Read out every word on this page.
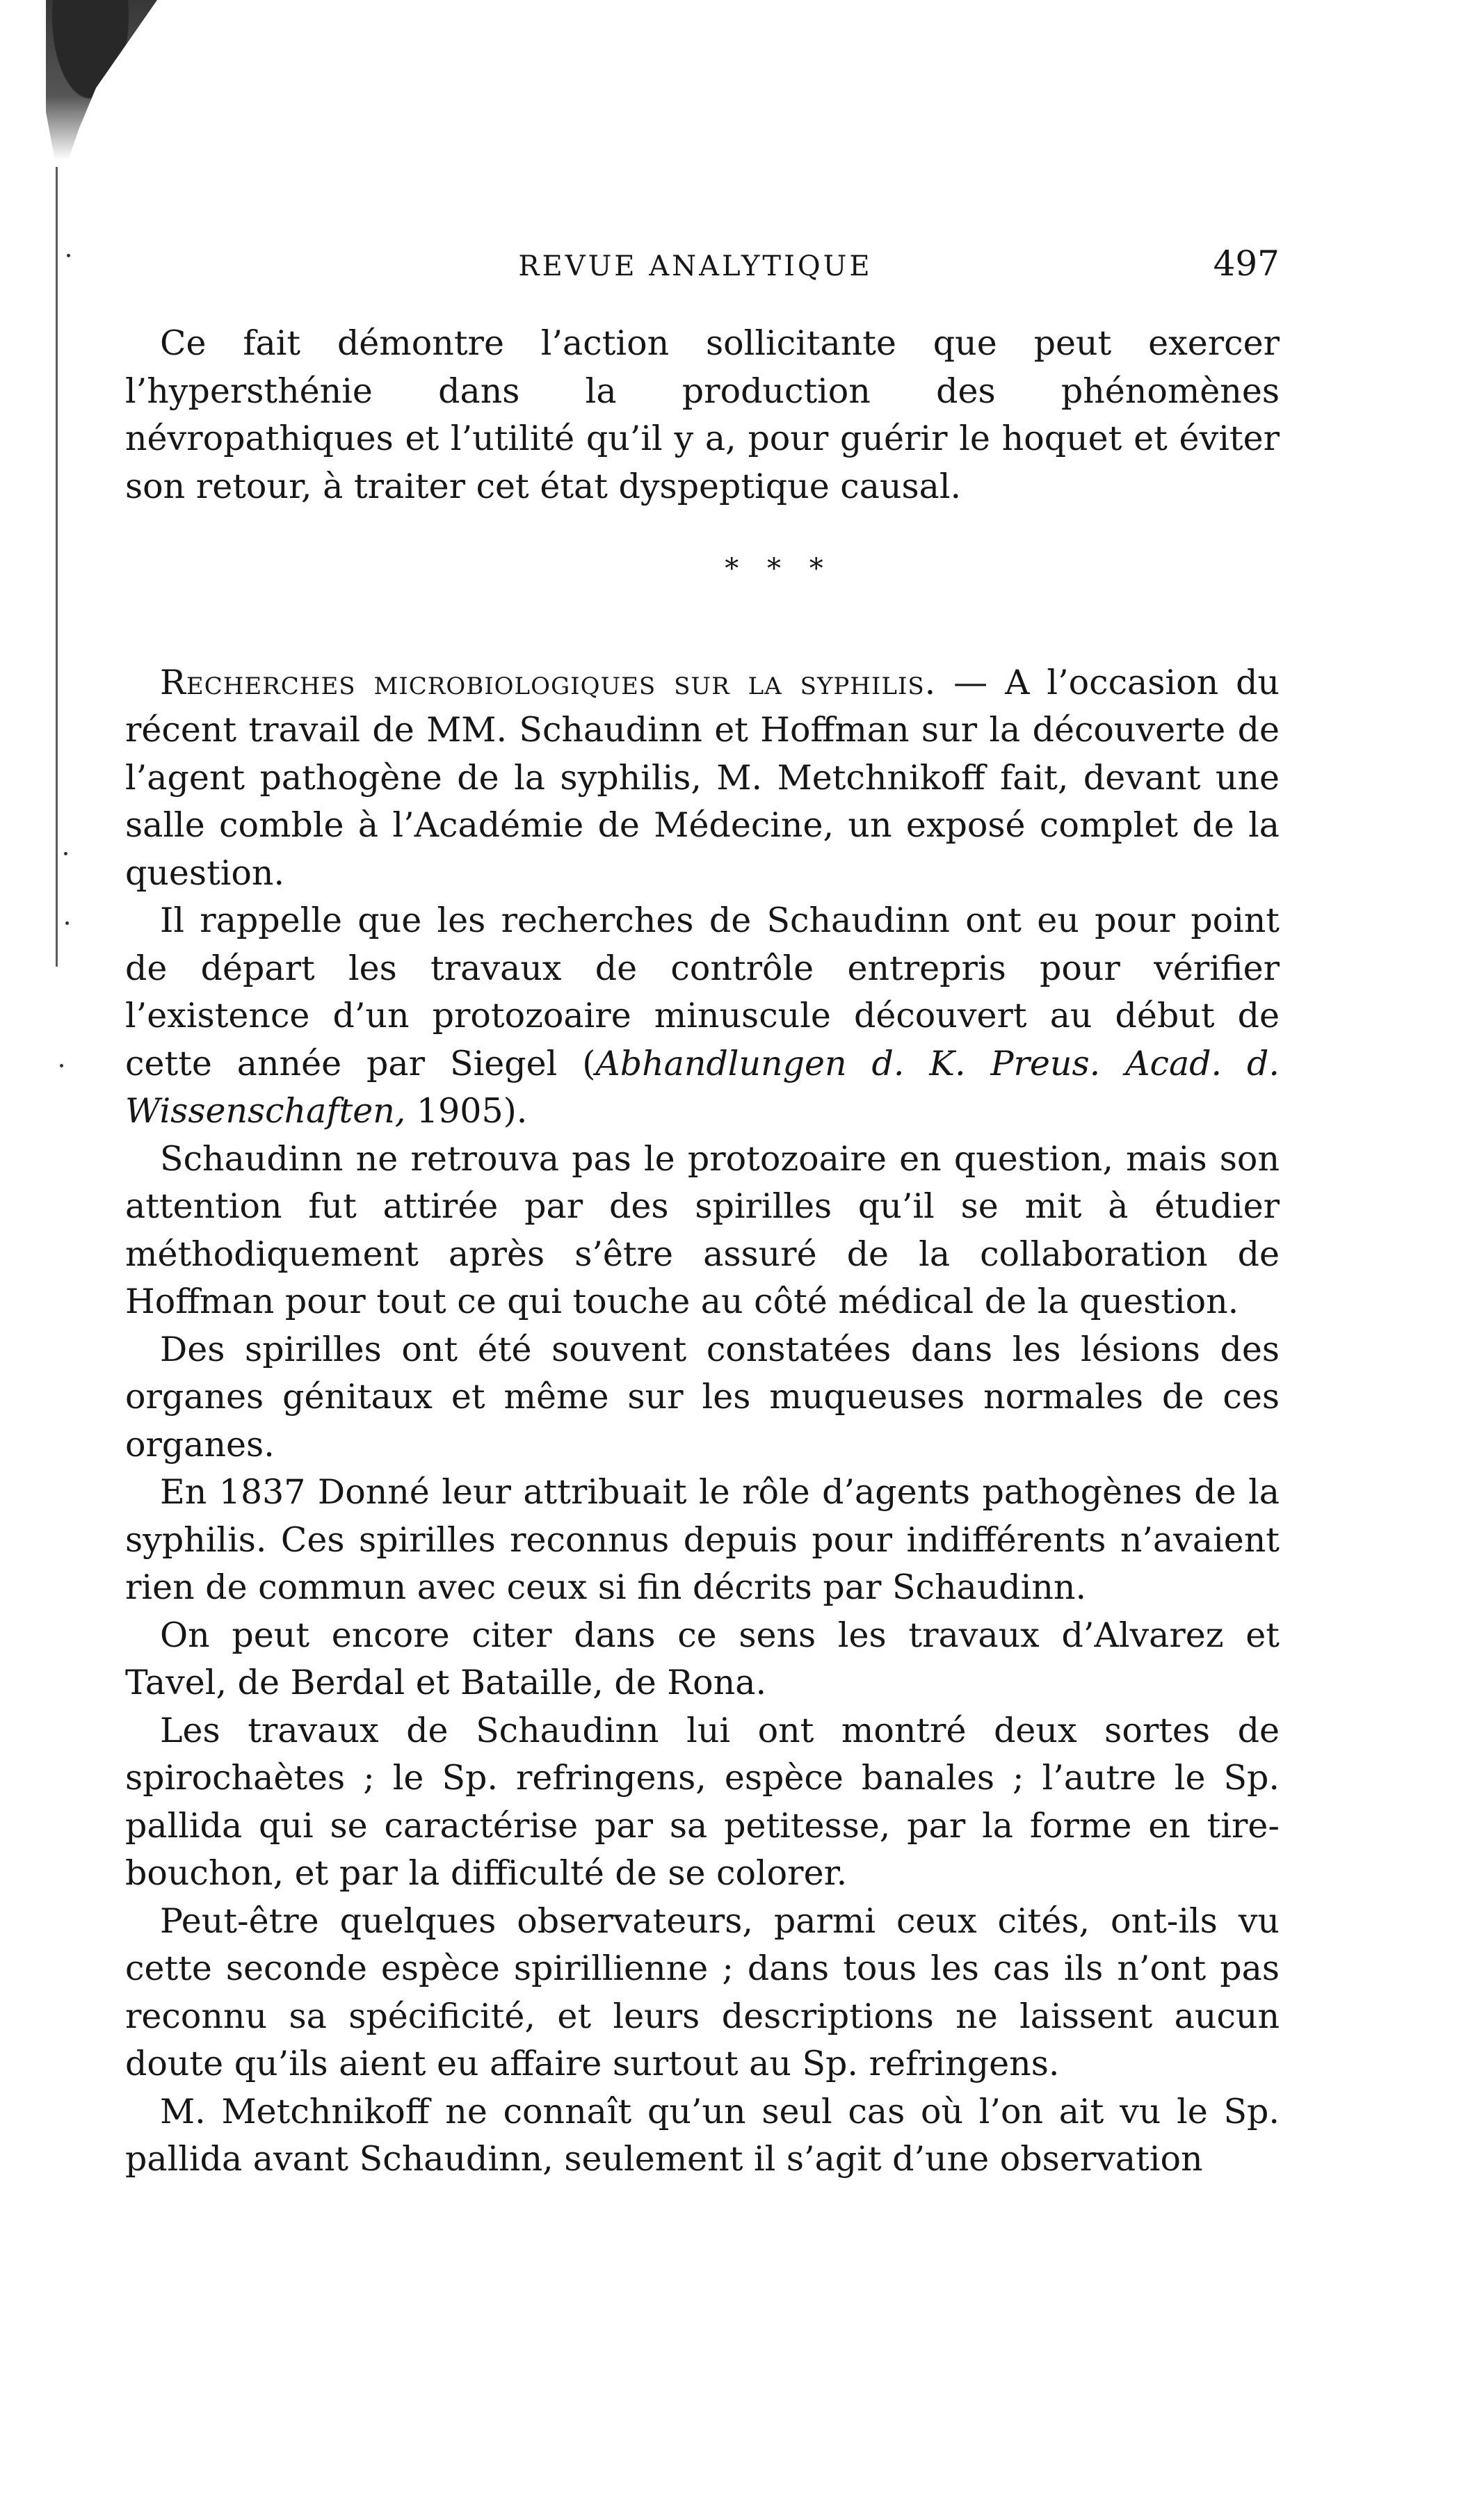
REVUE ANALYTIQUE	497

Ce fait démontre l’action sollicitante que peut exercer l’hypersthénie dans la production des phénomènes névropathiques et l’utilité qu’il y a, pour guérir le hoquet et éviter son retour, à traiter cet état dyspeptique causal.

* * *

Recherches microbiologiques sur la syphilis. — A l’occasion du récent travail de MM. Schaudinn et Hoffman sur la découverte de l’agent pathogène de la syphilis, M. Metchnikoff fait, devant une salle comble à l’Académie de Médecine, un exposé complet de la question.

Il rappelle que les recherches de Schaudinn ont eu pour point de départ les travaux de contrôle entrepris pour vérifier l’existence d’un protozoaire minuscule découvert au début de cette année par Siegel (Abhandlungen d. K. Preus. Acad. d. Wissenschaften, 1905).

Schaudinn ne retrouva pas le protozoaire en question, mais son attention fut attirée par des spirilles qu’il se mit à étudier méthodiquement après s’être assuré de la collaboration de Hoffman pour tout ce qui touche au côté médical de la question.

Des spirilles ont été souvent constatées dans les lésions des organes génitaux et même sur les muqueuses normales de ces organes.

En 1837 Donné leur attribuait le rôle d’agents pathogènes de la syphilis. Ces spirilles reconnus depuis pour indifférents n’avaient rien de commun avec ceux si fin décrits par Schaudinn.

On peut encore citer dans ce sens les travaux d’Alvarez et Tavel, de Berdal et Bataille, de Rona.

Les travaux de Schaudinn lui ont montré deux sortes de spirochaètes ; le Sp. refringens, espèce banales ; l’autre le Sp. pallida qui se caractérise par sa petitesse, par la forme en tire-bouchon, et par la difficulté de se colorer.

Peut-être quelques observateurs, parmi ceux cités, ont-ils vu cette seconde espèce spirillienne ; dans tous les cas ils n’ont pas reconnu sa spécificité, et leurs descriptions ne laissent aucun doute qu’ils aient eu affaire surtout au Sp. refringens.

M. Metchnikoff ne connaît qu’un seul cas où l’on ait vu le Sp. pallida avant Schaudinn, seulement il s’agit d’une observation
